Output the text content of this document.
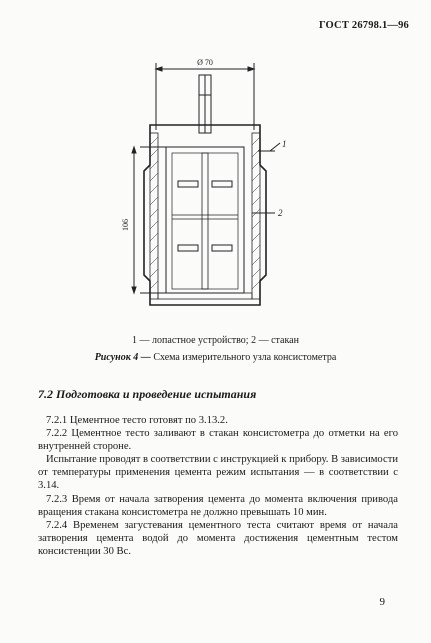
ГОСТ 26798.1—96
Ø 70
106
1
2
1 — лопастное устройство; 2 — стакан
Рисунок 4 — Схема измерительного узла консистометра
7.2 Подготовка и проведение испытания

7.2.1 Цементное тесто готовят по 3.13.2.

7.2.2 Цементное тесто заливают в стакан консистометра до отметки на его внутренней стороне.

Испытание проводят в соответствии с инструкцией к прибору. В зависимости от температуры применения цемента режим испытания — в соответствии с 3.14.

7.2.3 Время от начала затворения цемента до момента включения привода вращения стакана консистометра не должно превышать 10 мин.

7.2.4 Временем загустевания цементного теста считают время от начала затворения цемента водой до момента достижения цементным тестом консистенции 30 Вс.

9
